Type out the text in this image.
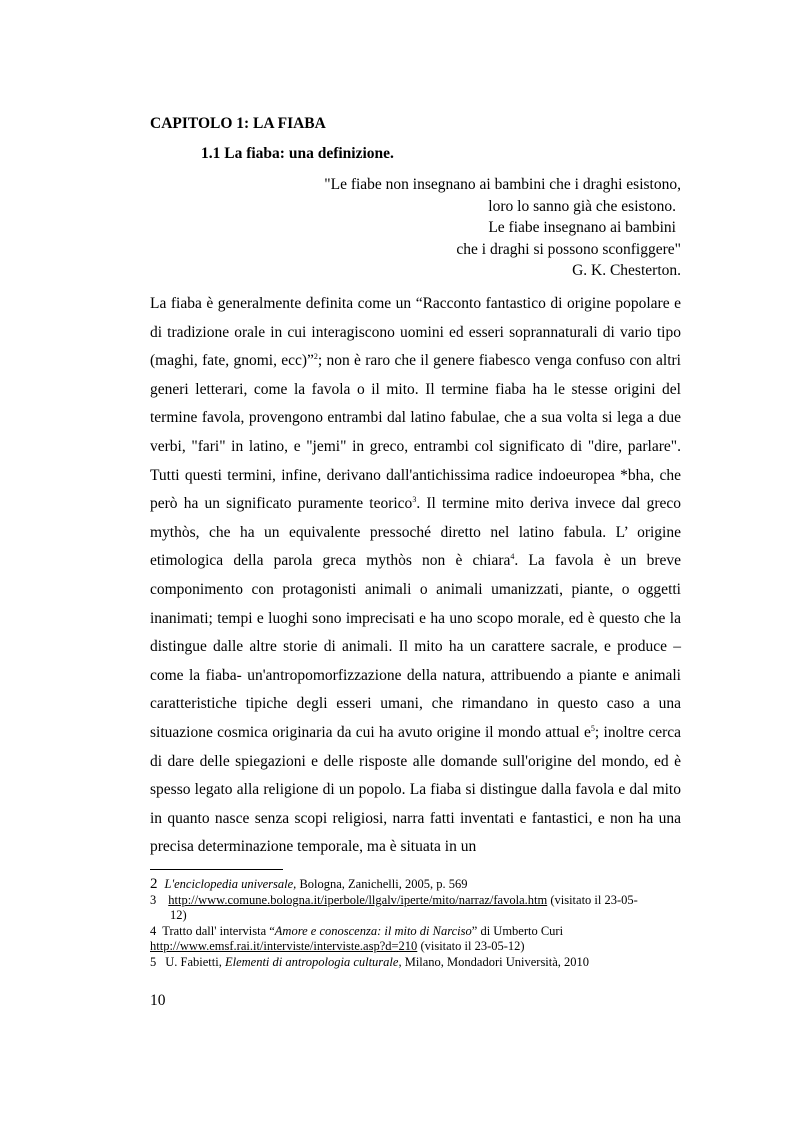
CAPITOLO 1: LA FIABA
1.1 La fiaba: una definizione.
"Le fiabe non insegnano ai bambini che i draghi esistono,
loro lo sanno già che esistono.
Le fiabe insegnano ai bambini
che i draghi si possono sconfiggere"
G. K. Chesterton.

La fiaba è generalmente definita come un “Racconto fantastico di origine popolare e di tradizione orale in cui interagiscono uomini ed esseri soprannaturali di vario tipo (maghi, fate, gnomi, ecc)”$^2$; non è raro che il genere fiabesco venga confuso con altri generi letterari, come la favola o il mito. Il termine fiaba ha le stesse origini del termine favola, provengono entrambi dal latino fabulae, che a sua volta si lega a due verbi, "fari" in latino, e "jemi" in greco, entrambi col significato di "dire, parlare". Tutti questi termini, infine, derivano dall'antichissima radice indoeuropea *bha, che però ha un significato puramente teorico$^3$. Il termine mito deriva invece dal greco mythòs, che ha un equivalente pressoché diretto nel latino fabula. L’ origine etimologica della parola greca mythòs non è chiara$^4$. La favola è un breve componimento con protagonisti animali o animali umanizzati, piante, o oggetti inanimati; tempi e luoghi sono imprecisati e ha uno scopo morale, ed è questo che la distingue dalle altre storie di animali. Il mito ha un carattere sacrale, e produce –come la fiaba- un'antropomorfizzazione della natura, attribuendo a piante e animali caratteristiche tipiche degli esseri umani, che rimandano in questo caso a una situazione cosmica originaria da cui ha avuto origine il mondo attual $e^5$; inoltre cerca di dare delle spiegazioni e delle risposte alle domande sull'origine del mondo, ed è spesso legato alla religione di un popolo. La fiaba si distingue dalla favola e dal mito in quanto nasce senza scopi religiosi, narra fatti inventati e fantastici, e non ha una precisa determinazione temporale, ma è situata in un

2 L'enciclopedia universale, Bologna, Zanichelli, 2005, p. 569
3 http://www.comune.bologna.it/iperbole/llgalv/iperte/mito/narraz/favola.htm (visitato il 23-05-
12)
4 Tratto dall' intervista “Amore e conoscenza: il mito di Narciso” di Umberto Curi
http://www.emsf.rai.it/interviste/interviste.asp?d=210 (visitato il 23-05-12)
5 U. Fabietti, Elementi di antropologia culturale, Milano, Mondadori Università, 2010
10
